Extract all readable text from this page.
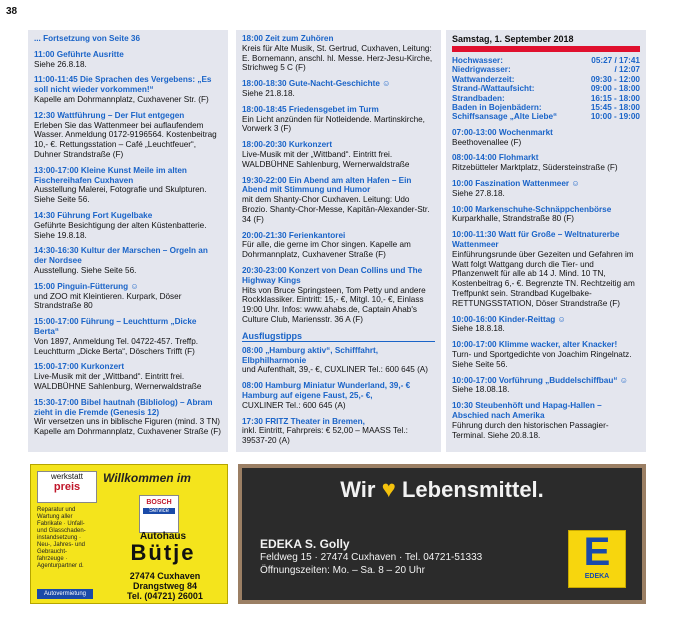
38
... Fortsetzung von Seite 36
11:00 Geführte Ausritte
Siehe 26.8.18.
11:00-11:45 Die Sprachen des Vergebens: „Es soll nicht wieder vorkommen!“
Kapelle am Dohrmannplatz, Cuxhavener Str. (F)
12:30 Wattführung – Der Flut entgegen
Erleben Sie das Wattenmeer bei auflaufendem Wasser. Anmeldung 0172-9196564. Kostenbeitrag 10,- €. Rettungsstation – Café „Leuchtfeuer“, Duhner Strandstraße (F)
13:00-17:00 Kleine Kunst Meile im alten Fischereihafen Cuxhaven
Ausstellung Malerei, Fotografie und Skulpturen. Siehe Seite 56.
14:30 Führung Fort Kugelbake
Geführte Besichtigung der alten Küstenbatterie. Siehe 19.8.18.
14:30-16:30 Kultur der Marschen – Orgeln an der Nordsee
Ausstellung. Siehe Seite 56.
15:00 Pinguin-Fütterung ☺
und ZOO mit Kleintieren. Kurpark, Döser Strandstraße 80
15:00-17:00 Führung – Leuchtturm „Dicke Berta“
Von 1897, Anmeldung Tel. 04722-457. Treffp. Leuchtturm „Dicke Berta“, Döschers Trifft (F)
15:00-17:00 Kurkonzert
Live-Musik mit der „Wittband“. Eintritt frei. WALDBÜHNE Sahlenburg, Wernerwaldstraße
15:30-17:00 Bibel hautnah (Bibliolog) – Abram zieht in die Fremde (Genesis 12)
Wir versetzen uns in biblische Figuren (mind. 3 TN) Kapelle am Dohrmannplatz, Cuxhavener Straße (F)
18:00 Zeit zum Zuhören
Kreis für Alte Musik, St. Gertrud, Cuxhaven, Leitung: E. Bornemann, anschl. hl. Messe. Herz-Jesu-Kirche, Strichweg 5 C (F)
18:00-18:30 Gute-Nacht-Geschichte ☺
Siehe 21.8.18.
18:00-18:45 Friedensgebet im Turm
Ein Licht anzünden für Notleidende. Martinskirche, Vorwerk 3 (F)
18:00-20:30 Kurkonzert
Live-Musik mit der „Wittband“. Eintritt frei. WALDBÜHNE Sahlenburg, Wernerwaldstraße
19:30-22:00 Ein Abend am alten Hafen – Ein Abend mit Stimmung und Humor
mit dem Shanty-Chor Cuxhaven. Leitung: Udo Brozio. Shanty-Chor-Messe, Kapitän-Alexander-Str. 34 (F)
20:00-21:30 Ferienkantorei
Für alle, die gerne im Chor singen. Kapelle am Dohrmannplatz, Cuxhavener Straße (F)
20:30-23:00 Konzert von Dean Collins und The Highway Kings
Hits von Bruce Springsteen, Tom Petty und andere Rockklassiker. Eintritt: 15,- €, Mitgl. 10,- €, Einlass 19:00 Uhr. Infos: www.ahabs.de, Captain Ahab's Culture Club, Mariensstr. 36 A (F)
Ausflugstipps
08:00 „Hamburg aktiv“, Schifffahrt, Elbphilharmonie
und Aufenthalt, 39,- €, CUXLINER Tel.: 600 645 (A)
08:00 Hamburg Miniatur Wunderland, 39,- € Hamburg auf eigene Faust, 25,- €,
CUXLINER Tel.: 600 645 (A)
17:30 FRITZ Theater in Bremen,
inkl. Eintritt, Fahrpreis: € 52,00 – MAASS Tel.: 39537-20 (A)
Samstag, 1. September 2018
Hochwasser:	05:27 / 17:41
Niedrigwasser:	/ 12:07
Wattwanderzeit:	09:30 - 12:00
Strand-/Wattaufsicht:	09:00 - 18:00
Strandbaden:	16:15 - 18:00
Baden in Bojenbädern:	15:45 - 18:00
Schiffsansage „Alte Liebe“	10:00 - 19:00
07:00-13:00 Wochenmarkt
Beethovenallee (F)
08:00-14:00 Flohmarkt
Ritzebütteler Marktplatz, Südersteinstraße (F)
10:00 Faszination Wattenmeer ☺
Siehe 27.8.18.
10:00 Markenschuhe-Schnäppchenbörse
Kurparkhalle, Strandstraße 80 (F)
10:00-11:30 Watt für Große – Weltnaturerbe Wattenmeer
Einführungsrunde über Gezeiten und Gefahren im Watt folgt Wattgang durch die Tier- und Pflanzenwelt für alle ab 14 J. Mind. 10 TN, Kostenbeitrag 6,- €. Begrenzte TN. Rechtzeitig am Treffpunkt sein. Strandbad Kugelbake-RETTUNGSSTATION, Döser Strandstraße (F)
10:00-16:00 Kinder-Reittag ☺
Siehe 18.8.18.
10:00-17:00 Klimme wacker, alter Knacker!
Turn- und Sportgedichte von Joachim Ringelnatz. Siehe Seite 56.
10:00-17:00 Vorführung „Buddelschiffbau“ ☺
Siehe 18.08.18.
10:30 Steubenhöft und Hapag-Hallen – Abschied nach Amerika
Führung durch den historischen Passagier-Terminal. Siehe 20.8.18.
werkstatt
preis
Willkommen im
Reparatur und Wartung aller Fabrikate · Unfall- und Glasschaden-instandsetzung · Neu-, Jahres- und Gebraucht-fahrzeuge · Agenturpartner d.
BOSCH
Service
Autohaus
Bütje
27474 Cuxhaven
Drangstweg 84
Tel. (04721) 26001
Autovermietung
Wir ♥ Lebensmittel.
EDEKA S. Golly
Feldweg 15 · 27474 Cuxhaven · Tel. 04721-51333
Öffnungszeiten: Mo. – Sa. 8 – 20 Uhr	E
EDEKA
